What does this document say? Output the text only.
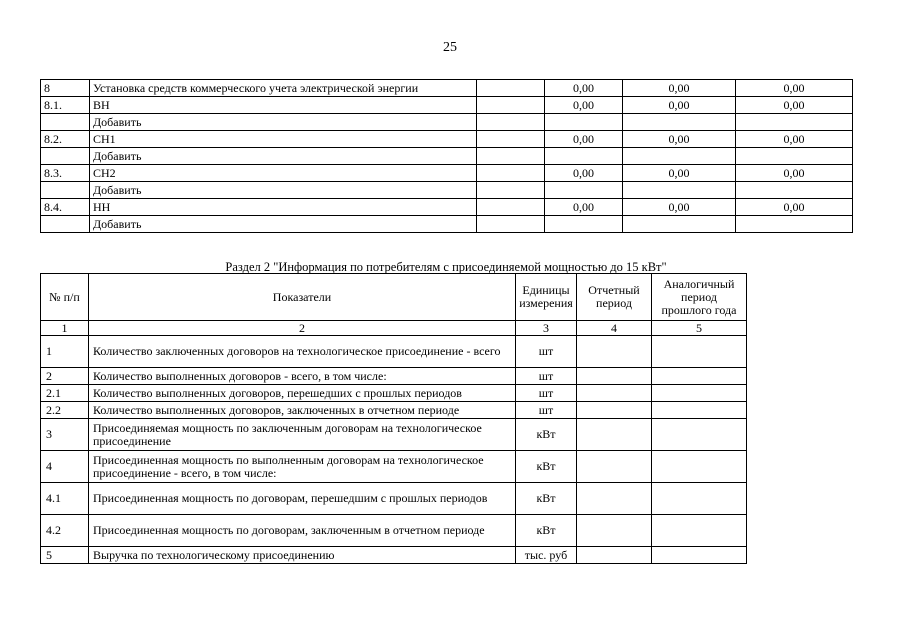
25
8	Установка средств коммерческого учета электрической энергии		0,00	0,00	0,00
8.1.	ВН		0,00	0,00	0,00
	Добавить				
8.2.	СН1		0,00	0,00	0,00
	Добавить				
8.3.	СН2		0,00	0,00	0,00
	Добавить				
8.4.	НН		0,00	0,00	0,00
	Добавить				
Раздел 2 "Информация по потребителям с присоединяемой мощностью до 15 кВт"
№ п/п	Показатели	Единицы измерения	Отчетный период	Аналогичный период прошлого года
1	2	3	4	5
1	Количество заключенных договоров на технологическое присоединение - всего	шт		
2	Количество выполненных договоров - всего, в том числе:	шт		
2.1	Количество выполненных договоров, перешедших с прошлых периодов	шт		
2.2	Количество выполненных договоров, заключенных в отчетном периоде	шт		
3	Присоединяемая мощность по заключенным договорам на технологическое присоединение	кВт		
4	Присоединенная мощность по выполненным договорам на технологическое присоединение - всего, в том числе:	кВт		
4.1	Присоединенная мощность по договорам, перешедшим с прошлых периодов	кВт		
4.2	Присоединенная мощность по договорам, заключенным в отчетном периоде	кВт		
5	Выручка по технологическому присоединению	тыс. руб		
